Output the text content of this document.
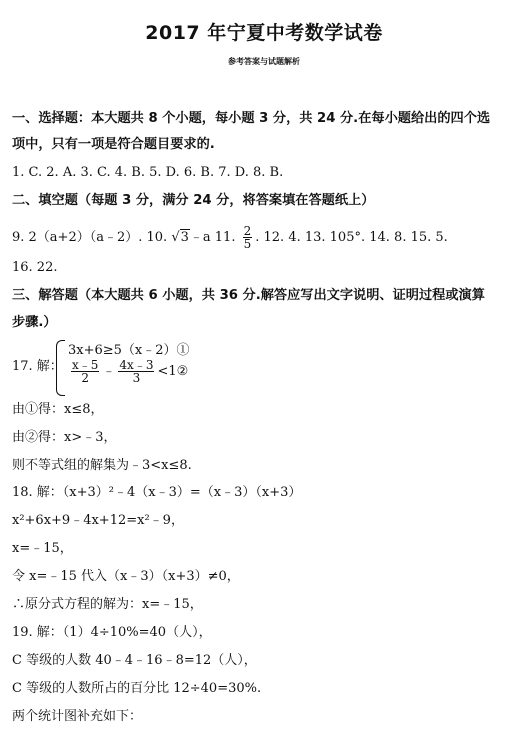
2017 年宁夏中考数学试卷
参考答案与试题解析
一、选择题：本大题共 8 个小题，每小题 3 分，共 24 分.在每小题给出的四个选
项中，只有一项是符合题目要求的.
1. C. 2. A. 3. C. 4. B. 5. D. 6. B. 7. D. 8. B.
二、填空题（每题 3 分，满分 24 分，将答案填在答题纸上）
9. 2（a+2）（a﹣2）. 10. √3﹣a 11. $\frac{2}{5}$ . 12. 4. 13. 105°. 14. 8. 15. 5.
16. 22.
三、解答题（本大题共 6 小题，共 36 分.解答应写出文字说明、证明过程或演算
步骤.）
17. 解：
3x+6≥5（x﹣2）①
$\frac{x﹣5}{2}$ ﹣ $\frac{4x﹣3}{3}$ <1②
由①得：x≤8，
由②得：x>﹣3，
则不等式组的解集为﹣3<x≤8.
18. 解：（x+3）²﹣4（x﹣3）=（x﹣3）（x+3）
x²+6x+9﹣4x+12=x²﹣9，
x=﹣15，
令 x=﹣15 代入（x﹣3）（x+3）≠0，
∴原分式方程的解为：x=﹣15，
19. 解：（1）4÷10%=40（人），
C 等级的人数 40﹣4﹣16﹣8=12（人），
C 等级的人数所占的百分比 12÷40=30%.
两个统计图补充如下：
